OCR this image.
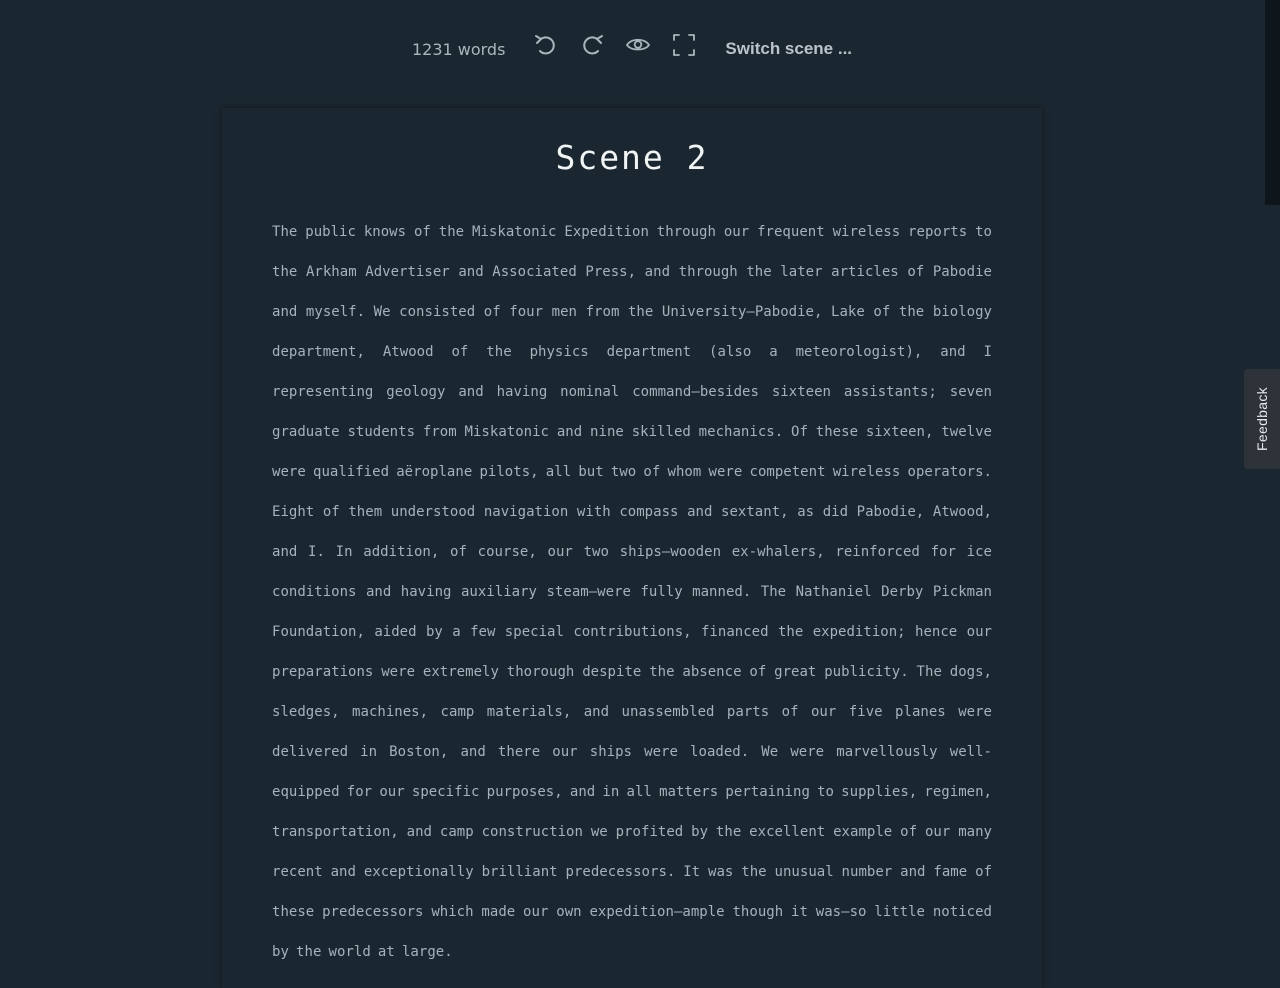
1231 words	Switch scene ...
Scene 2
The public knows of the Miskatonic Expedition through our frequent wireless reports to the Arkham Advertiser and Associated Press, and through the later articles of Pabodie and myself. We consisted of four men from the University—Pabodie, Lake of the biology department, Atwood of the physics department (also a meteorologist), and I representing geology and having nominal command—besides sixteen assistants; seven graduate students from Miskatonic and nine skilled mechanics. Of these sixteen, twelve were qualified aëroplane pilots, all but two of whom were competent wireless operators. Eight of them understood navigation with compass and sextant, as did Pabodie, Atwood, and I. In addition, of course, our two ships—wooden ex-whalers, reinforced for ice conditions and having auxiliary steam—were fully manned. The Nathaniel Derby Pickman Foundation, aided by a few special contributions, financed the expedition; hence our preparations were extremely thorough despite the absence of great publicity. The dogs, sledges, machines, camp materials, and unassembled parts of our five planes were delivered in Boston, and there our ships were loaded. We were marvellously well-equipped for our specific purposes, and in all matters pertaining to supplies, regimen, transportation, and camp construction we profited by the excellent example of our many recent and exceptionally brilliant predecessors. It was the unusual number and fame of these predecessors which made our own expedition—ample though it was—so little noticed by the world at large.
Feedback
